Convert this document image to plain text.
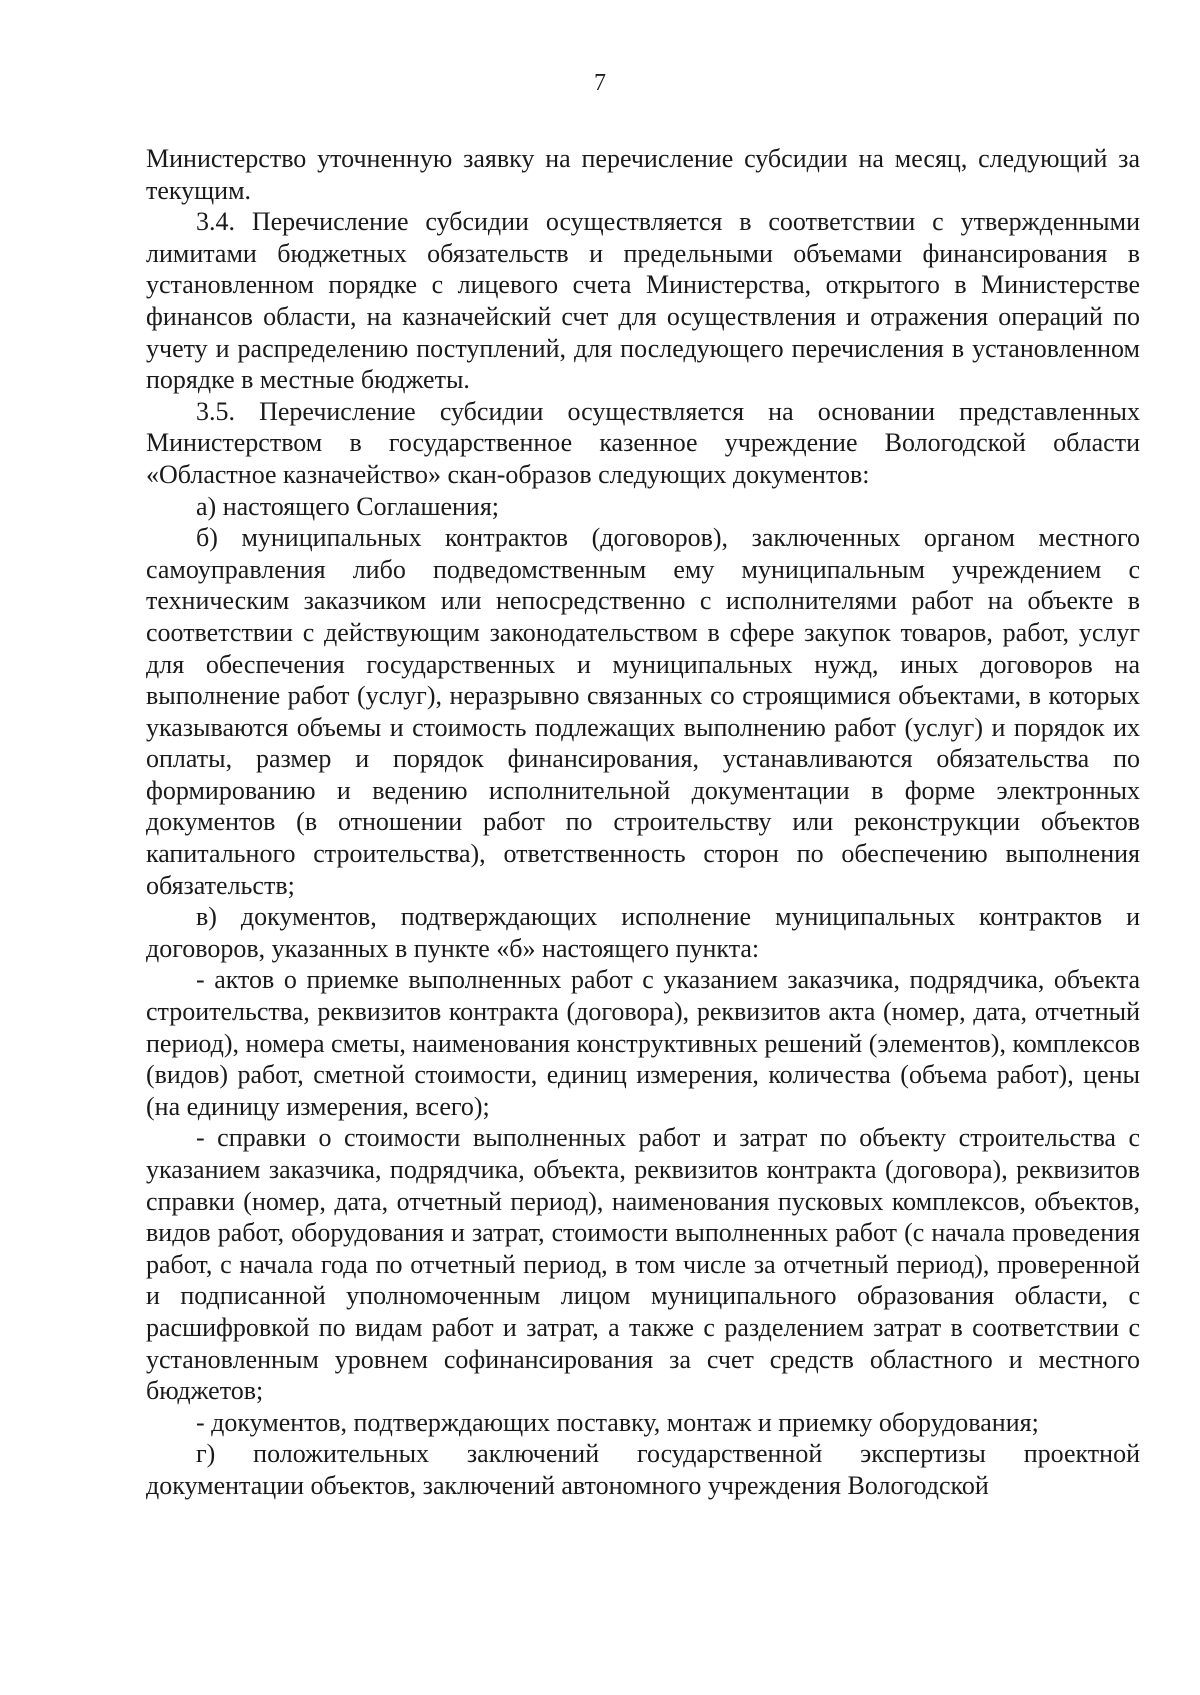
7

Министерство уточненную заявку на перечисление субсидии на месяц, следующий за текущим.

3.4. Перечисление субсидии осуществляется в соответствии с утвержденными лимитами бюджетных обязательств и предельными объемами финансирования в установленном порядке с лицевого счета Министерства, открытого в Министерстве финансов области, на казначейский счет для осуществления и отражения операций по учету и распределению поступлений, для последующего перечисления в установленном порядке в местные бюджеты.

3.5. Перечисление субсидии осуществляется на основании представленных Министерством в государственное казенное учреждение Вологодской области «Областное казначейство» скан-образов следующих документов:

а) настоящего Соглашения;

б) муниципальных контрактов (договоров), заключенных органом местного самоуправления либо подведомственным ему муниципальным учреждением с техническим заказчиком или непосредственно с исполнителями работ на объекте в соответствии с действующим законодательством в сфере закупок товаров, работ, услуг для обеспечения государственных и муниципальных нужд, иных договоров на выполнение работ (услуг), неразрывно связанных со строящимися объектами, в которых указываются объемы и стоимость подлежащих выполнению работ (услуг) и порядок их оплаты, размер и порядок финансирования, устанавливаются обязательства по формированию и ведению исполнительной документации в форме электронных документов (в отношении работ по строительству или реконструкции объектов капитального строительства), ответственность сторон по обеспечению выполнения обязательств;

в) документов, подтверждающих исполнение муниципальных контрактов и договоров, указанных в пункте «б» настоящего пункта:

- актов о приемке выполненных работ с указанием заказчика, подрядчика, объекта строительства, реквизитов контракта (договора), реквизитов акта (номер, дата, отчетный период), номера сметы, наименования конструктивных решений (элементов), комплексов (видов) работ, сметной стоимости, единиц измерения, количества (объема работ), цены (на единицу измерения, всего);

- справки о стоимости выполненных работ и затрат по объекту строительства с указанием заказчика, подрядчика, объекта, реквизитов контракта (договора), реквизитов справки (номер, дата, отчетный период), наименования пусковых комплексов, объектов, видов работ, оборудования и затрат, стоимости выполненных работ (с начала проведения работ, с начала года по отчетный период, в том числе за отчетный период), проверенной и подписанной уполномоченным лицом муниципального образования области, с расшифровкой по видам работ и затрат, а также с разделением затрат в соответствии с установленным уровнем софинансирования за счет средств областного и местного бюджетов;

- документов, подтверждающих поставку, монтаж и приемку оборудования;

г) положительных заключений государственной экспертизы проектной документации объектов, заключений автономного учреждения Вологодской
